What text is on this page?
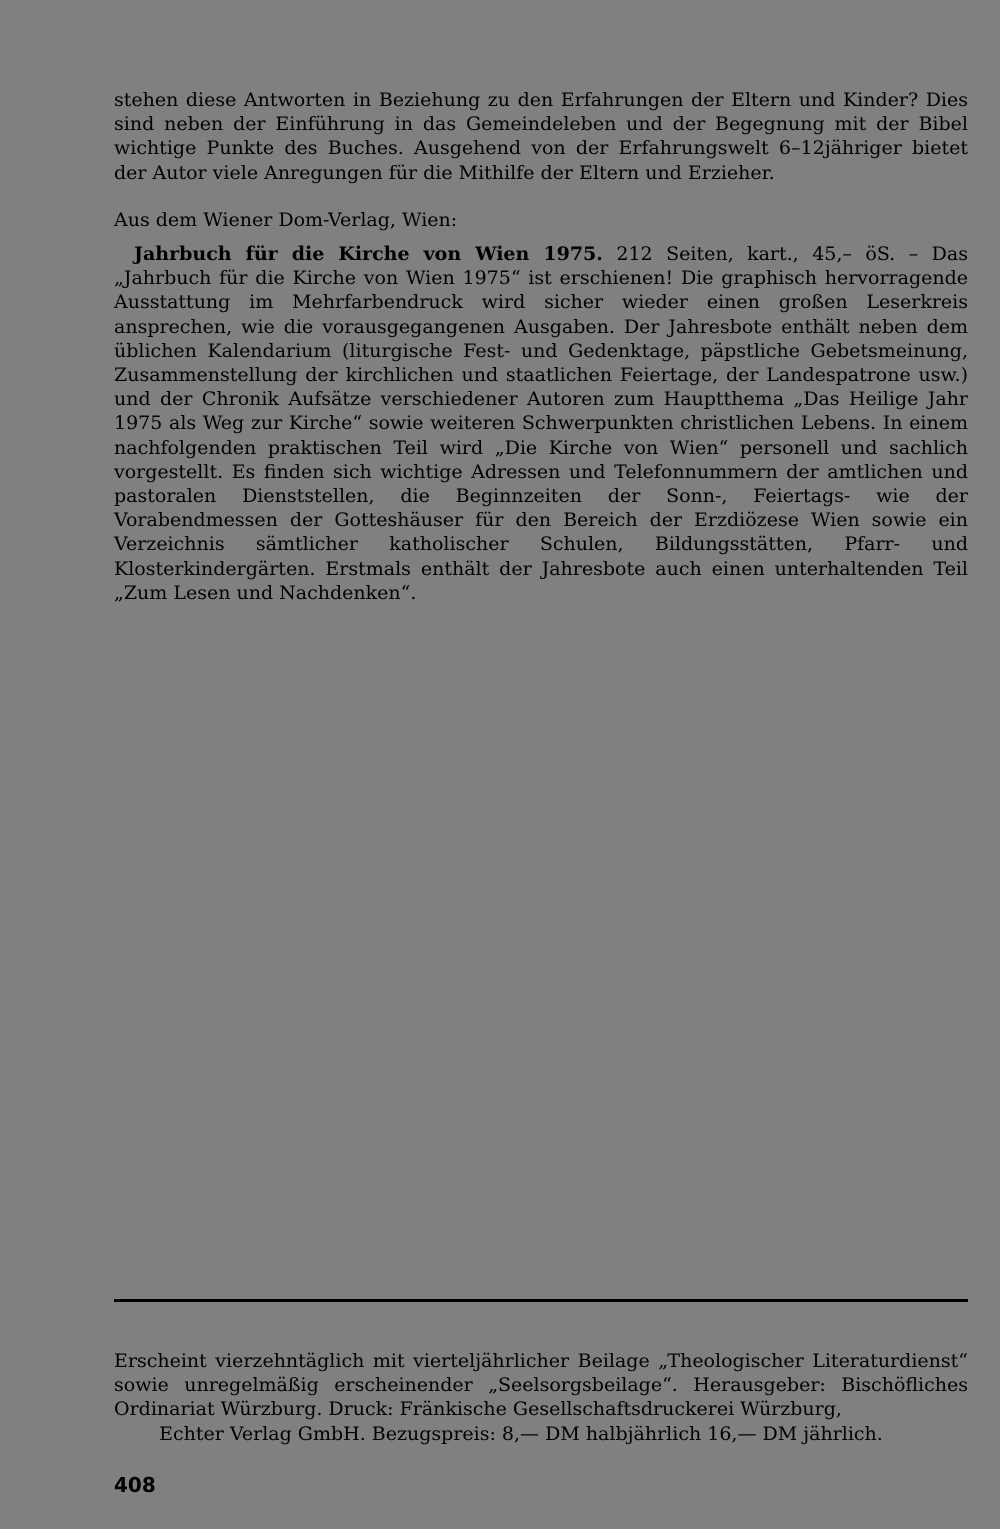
stehen diese Antworten in Beziehung zu den Erfahrungen der Eltern und Kinder? Dies sind neben der Einführung in das Gemeindeleben und der Begegnung mit der Bibel wichtige Punkte des Buches. Ausgehend von der Erfahrungswelt 6–12jähriger bietet der Autor viele Anregungen für die Mithilfe der Eltern und Erzieher.

Aus dem Wiener Dom-Verlag, Wien:

Jahrbuch für die Kirche von Wien 1975. 212 Seiten, kart., 45,– öS. – Das „Jahrbuch für die Kirche von Wien 1975“ ist erschienen! Die graphisch hervorragende Ausstattung im Mehrfarbendruck wird sicher wieder einen großen Leserkreis ansprechen, wie die vorausgegangenen Ausgaben. Der Jahresbote enthält neben dem üblichen Kalendarium (liturgische Fest- und Gedenktage, päpstliche Gebetsmeinung, Zusammenstellung der kirchlichen und staatlichen Feiertage, der Landespatrone usw.) und der Chronik Aufsätze verschiedener Autoren zum Hauptthema „Das Heilige Jahr 1975 als Weg zur Kirche“ sowie weiteren Schwerpunkten christlichen Lebens. In einem nachfolgenden praktischen Teil wird „Die Kirche von Wien“ personell und sachlich vorgestellt. Es finden sich wichtige Adressen und Telefonnummern der amtlichen und pastoralen Dienststellen, die Beginnzeiten der Sonn-, Feiertags- wie der Vorabendmessen der Gotteshäuser für den Bereich der Erzdiözese Wien sowie ein Verzeichnis sämtlicher katholischer Schulen, Bildungsstätten, Pfarr- und Klosterkindergärten. Erstmals enthält der Jahresbote auch einen unterhaltenden Teil „Zum Lesen und Nachdenken“.

Erscheint vierzehntäglich mit vierteljährlicher Beilage „Theologischer Literaturdienst“ sowie unregelmäßig erscheinender „Seelsorgsbeilage“. Herausgeber: Bischöfliches Ordinariat Würzburg. Druck: Fränkische Gesellschaftsdruckerei Würzburg,
Echter Verlag GmbH. Bezugspreis: 8,— DM halbjährlich 16,— DM jährlich.

408
